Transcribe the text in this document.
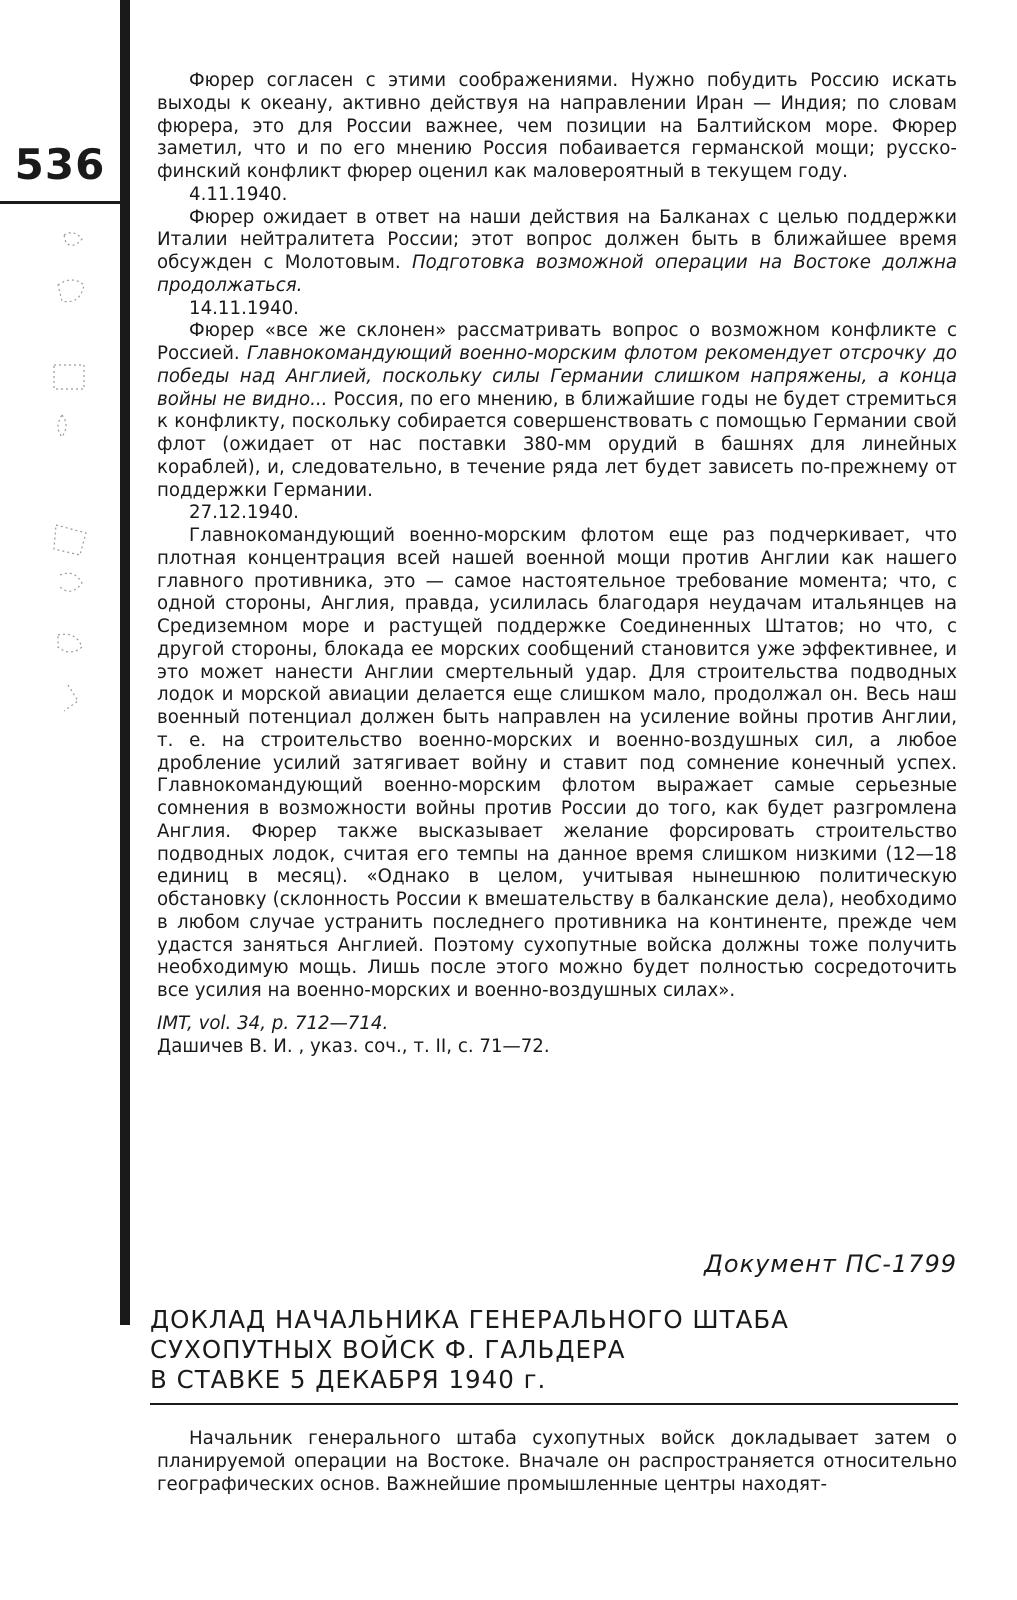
536

Фюрер согласен с этими соображениями. Нужно побудить Россию искать выходы к океану, активно действуя на направлении Иран — Индия; по словам фюрера, это для России важнее, чем позиции на Балтийском море. Фюрер заметил, что и по его мнению Россия побаивается германской мощи; русско-финский конфликт фюрер оценил как маловероятный в текущем году.

4.11.1940.

Фюрер ожидает в ответ на наши действия на Балканах с целью поддержки Италии нейтралитета России; этот вопрос должен быть в ближайшее время обсужден с Молотовым. Подготовка возможной операции на Востоке должна продолжаться.

14.11.1940.

Фюрер «все же склонен» рассматривать вопрос о возможном конфликте с Россией. Главнокомандующий военно-морским флотом рекомендует отсрочку до победы над Англией, поскольку силы Германии слишком напряжены, а конца войны не видно... Россия, по его мнению, в ближайшие годы не будет стремиться к конфликту, поскольку собирается совершенствовать с помощью Германии свой флот (ожидает от нас поставки 380-мм орудий в башнях для линейных кораблей), и, следовательно, в течение ряда лет будет зависеть по-прежнему от поддержки Германии.

27.12.1940.

Главнокомандующий военно-морским флотом еще раз подчеркивает, что плотная концентрация всей нашей военной мощи против Англии как нашего главного противника, это — самое настоятельное требование момента; что, с одной стороны, Англия, правда, усилилась благодаря неудачам итальянцев на Средиземном море и растущей поддержке Соединенных Штатов; но что, с другой стороны, блокада ее морских сообщений становится уже эффективнее, и это может нанести Англии смертельный удар. Для строительства подводных лодок и морской авиации делается еще слишком мало, продолжал он. Весь наш военный потенциал должен быть направлен на усиление войны против Англии, т. е. на строительство военно-морских и военно-воздушных сил, а любое дробление усилий затягивает войну и ставит под сомнение конечный успех. Главнокомандующий военно-морским флотом выражает самые серьезные сомнения в возможности войны против России до того, как будет разгромлена Англия. Фюрер также высказывает желание форсировать строительство подводных лодок, считая его темпы на данное время слишком низкими (12—18 единиц в месяц). «Однако в целом, учитывая нынешнюю политическую обстановку (склонность России к вмешательству в балканские дела), необходимо в любом случае устранить последнего противника на континенте, прежде чем удастся заняться Англией. Поэтому сухопутные войска должны тоже получить необходимую мощь. Лишь после этого можно будет полностью сосредоточить все усилия на военно-морских и военно-воздушных силах».

IMT, vol. 34, p. 712—714.

Дашичев В. И. , указ. соч., т. II, с. 71—72.

Документ ПС-1799
ДОКЛАД НАЧАЛЬНИКА ГЕНЕРАЛЬНОГО ШТАБА
СУХОПУТНЫХ ВОЙСК Ф. ГАЛЬДЕРА
В СТАВКЕ 5 ДЕКАБРЯ 1940 г.

Начальник генерального штаба сухопутных войск докладывает затем о планируемой операции на Востоке. Вначале он распространяется относительно географических основ. Важнейшие промышленные центры находят-
